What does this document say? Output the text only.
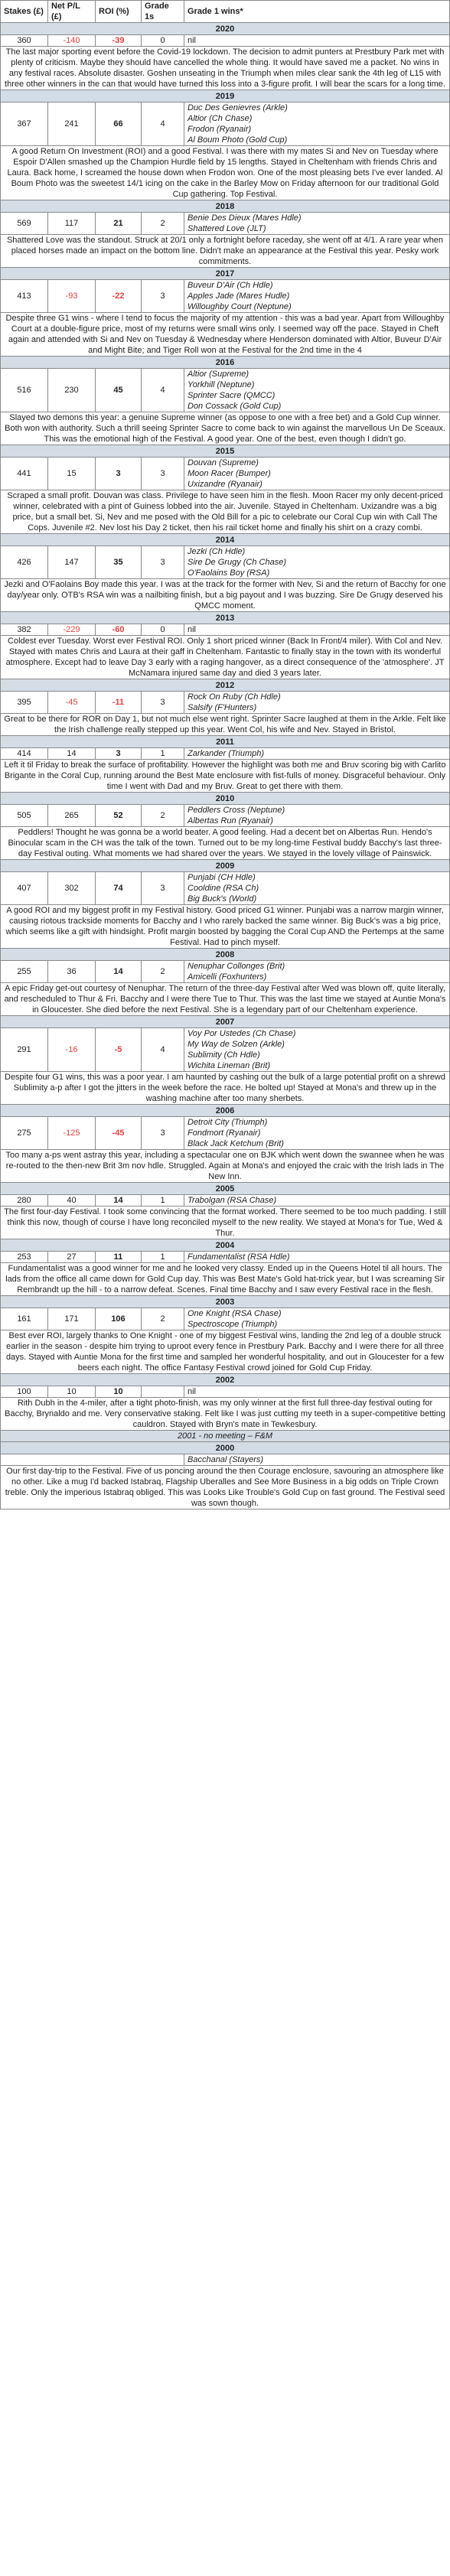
Stakes (£)	Net P/L (£)	ROI (%)	Grade 1s	Grade 1 wins*
2020				
360	-140	-39	0	nil

The last major sporting event before the Covid-19 lockdown. The decision to admit punters at Prestbury Park met with plenty of criticism. Maybe they should have cancelled the whole thing. It would have saved me a packet. No wins in any festival races. Absolute disaster. Goshen unseating in the Triumph when miles clear sank the 4th leg of L15 with three other winners in the can that would have turned this loss into a 3-figure profit. I will bear the scars for a long time.				
2019				
367	241	66	4	Duc Des Genievres (Arkle)
Altior (Ch Chase)
Frodon (Ryanair)
Al Boum Photo (Gold Cup)

A good Return On Investment (ROI) and a good Festival. I was there with my mates Si and Nev on Tuesday where Espoir D'Allen smashed up the Champion Hurdle field by 15 lengths. Stayed in Cheltenham with friends Chris and Laura. Back home, I screamed the house down when Frodon won. One of the most pleasing bets I've ever landed. Al Boum Photo was the sweetest 14/1 icing on the cake in the Barley Mow on Friday afternoon for our traditional Gold Cup gathering. Top Festival.				
2018				
569	117	21	2	Benie Des Dieux (Mares Hdle)
Shattered Love (JLT)

Shattered Love was the standout. Struck at 20/1 only a fortnight before raceday, she went off at 4/1. A rare year when placed horses made an impact on the bottom line. Didn't make an appearance at the Festival this year. Pesky work commitments.				
2017				
413	-93	-22	3	Buveur D'Air (Ch Hdle)
Apples Jade (Mares Hudle)
Willoughby Court (Neptune)

Despite three G1 wins - where I tend to focus the majority of my attention - this was a bad year. Apart from Willoughby Court at a double-figure price, most of my returns were small wins only. I seemed way off the pace. Stayed in Cheft again and attended with Si and Nev on Tuesday & Wednesday where Henderson dominated with Altior, Buveur D'Air and Might Bite; and Tiger Roll won at the Festival for the 2nd time in the 4				
2016				
516	230	45	4	Altior (Supreme)
Yorkhill (Neptune)
Sprinter Sacre (QMCC)
Don Cossack (Gold Cup)

Slayed two demons this year: a genuine Supreme winner (as oppose to one with a free bet) and a Gold Cup winner. Both won with authority. Such a thrill seeing Sprinter Sacre to come back to win against the marvellous Un De Sceaux. This was the emotional high of the Festival. A good year. One of the best, even though I didn't go.				
2015				
441	15	3	3	Douvan (Supreme)
Moon Racer (Bumper)
Uxizandre (Ryanair)

Scraped a small profit. Douvan was class. Privilege to have seen him in the flesh. Moon Racer my only decent-priced winner, celebrated with a pint of Guiness lobbed into the air. Juvenile. Stayed in Cheltenham. Uxizandre was a big price, but a small bet. Si, Nev and me posed with the Old Bill for a pic to celebrate our Coral Cup win with Call The Cops. Juvenile #2. Nev lost his Day 2 ticket, then his rail ticket home and finally his shirt on a crazy combi.				
2014				
426	147	35	3	Jezki (Ch Hdle)
Sire De Grugy (Ch Chase)
O'Faolains Boy (RSA)

Jezki and O'Faolains Boy made this year. I was at the track for the former with Nev, Si and the return of Bacchy for one day/year only. OTB's RSA win was a nailbiting finish, but a big payout and I was buzzing. Sire De Grugy deserved his QMCC moment.				
2013				
382	-229	-60	0	nil

Coldest ever Tuesday. Worst ever Festival ROI. Only 1 short priced winner (Back In Front/4 miler). With Col and Nev. Stayed with mates Chris and Laura at their gaff in Cheltenham. Fantastic to finally stay in the town with its wonderful atmosphere. Except had to leave Day 3 early with a raging hangover, as a direct consequence of the 'atmosphere'. JT McNamara injured same day and died 3 years later.				
2012				
395	-45	-11	3	Rock On Ruby (Ch Hdle)
Salsify (F'Hunters)

Great to be there for ROR on Day 1, but not much else went right. Sprinter Sacre laughed at them in the Arkle. Felt like the Irish challenge really stepped up this year. Went Col, his wife and Nev. Stayed in Bristol.				
2011				
414	14	3	1	Zarkander (Triumph)

Left it til Friday to break the surface of profitability. However the highlight was both me and Bruv scoring big with Carlito Brigante in the Coral Cup, running around the Best Mate enclosure with fist-fulls of money. Disgraceful behaviour. Only time I went with Dad and my Bruv. Great to get there with them.				
2010				
505	265	52	2	Peddlers Cross (Neptune)
Albertas Run (Ryanair)

Peddlers! Thought he was gonna be a world beater. A good feeling. Had a decent bet on Albertas Run. Hendo's Binocular scam in the CH was the talk of the town. Turned out to be my long-time Festival buddy Bacchy's last three-day Festival outing. What moments we had shared over the years. We stayed in the lovely village of Painswick.				
2009				
407	302	74	3	Punjabi (CH Hdle)
Cooldine (RSA Ch)
Big Buck's (World)

A good ROI and my biggest profit in my Festival history. Good priced G1 winner. Punjabi was a narrow margin winner, causing riotous trackside moments for Bacchy and I who rarely backed the same winner. Big Buck's was a big price, which seems like a gift with hindsight. Profit margin boosted by bagging the Coral Cup AND the Pertemps at the same Festival. Had to pinch myself.				
2008				
255	36	14	2	Nenuphar Collonges (Brit)
Amicelli (Foxhunters)

A epic Friday get-out courtesy of Nenuphar. The return of the three-day Festival after Wed was blown off, quite literally, and rescheduled to Thur & Fri. Bacchy and I were there Tue to Thur. This was the last time we stayed at Auntie Mona's in Gloucester. She died before the next Festival. She is a legendary part of our Cheltenham experience.				
2007				
291	-16	-5	4	Voy Por Ustedes (Ch Chase)
My Way de Solzen (Arkle)
Sublimity (Ch Hdle)
Wichita Lineman (Brit)

Despite four G1 wins, this was a poor year. I am haunted by cashing out the bulk of a large potential profit on a shrewd Sublimity a-p after I got the jitters in the week before the race. He bolted up! Stayed at Mona's and threw up in the washing machine after too many sherbets.				
2006				
275	-125	-45	3	Detroit City (Triumph)
Fondmort (Ryanair)
Black Jack Ketchum (Brit)

Too many a-ps went astray this year, including a spectacular one on BJK which went down the swannee when he was re-routed to the then-new Brit 3m nov hdle. Struggled. Again at Mona's and enjoyed the craic with the Irish lads in The New Inn.				
2005				
280	40	14	1	Trabolgan (RSA Chase)

The first four-day Festival. I took some convincing that the format worked. There seemed to be too much padding. I still think this now, though of course I have long reconciled myself to the new reality. We stayed at Mona's for Tue, Wed & Thur.				
2004				
253	27	11	1	Fundamentalist (RSA Hdle)

Fundamentalist was a good winner for me and he looked very classy. Ended up in the Queens Hotel til all hours. The lads from the office all came down for Gold Cup day. This was Best Mate's Gold hat-trick year, but I was screaming Sir Rembrandt up the hill - to a narrow defeat. Scenes. Final time Bacchy and I saw every Festival race in the flesh.				
2003				
161	171	106	2	One Knight (RSA Chase)
Spectroscope (Triumph)

Best ever ROI, largely thanks to One Knight - one of my biggest Festival wins, landing the 2nd leg of a double struck earlier in the season - despite him trying to uproot every fence in Prestbury Park. Bacchy and I were there for all three days. Stayed with Auntie Mona for the first time and sampled her wonderful hospitality, and out in Gloucester for a few beers each night. The office Fantasy Festival crowd joined for Gold Cup Friday.				
2002				
100	10	10		nil

Rith Dubh in the 4-miler, after a tight photo-finish, was my only winner at the first full three-day festival outing for Bacchy, Brynaldo and me. Very conservative staking. Felt like I was just cutting my teeth in a super-competitive betting cauldron. Stayed with Bryn's mate in Tewkesbury.				
2001 - no meeting – F&M				
2000				

				Bacchanal (Stayers)

Our first day-trip to the Festival. Five of us poncing around the then Courage enclosure, savouring an atmosphere like no other. Like a mug I'd backed Istabraq, Flagship Uberalles and See More Business in a big odds on Triple Crown treble. Only the imperious Istabraq obliged. This was Looks Like Trouble's Gold Cup on fast ground. The Festival seed was sown though.				
